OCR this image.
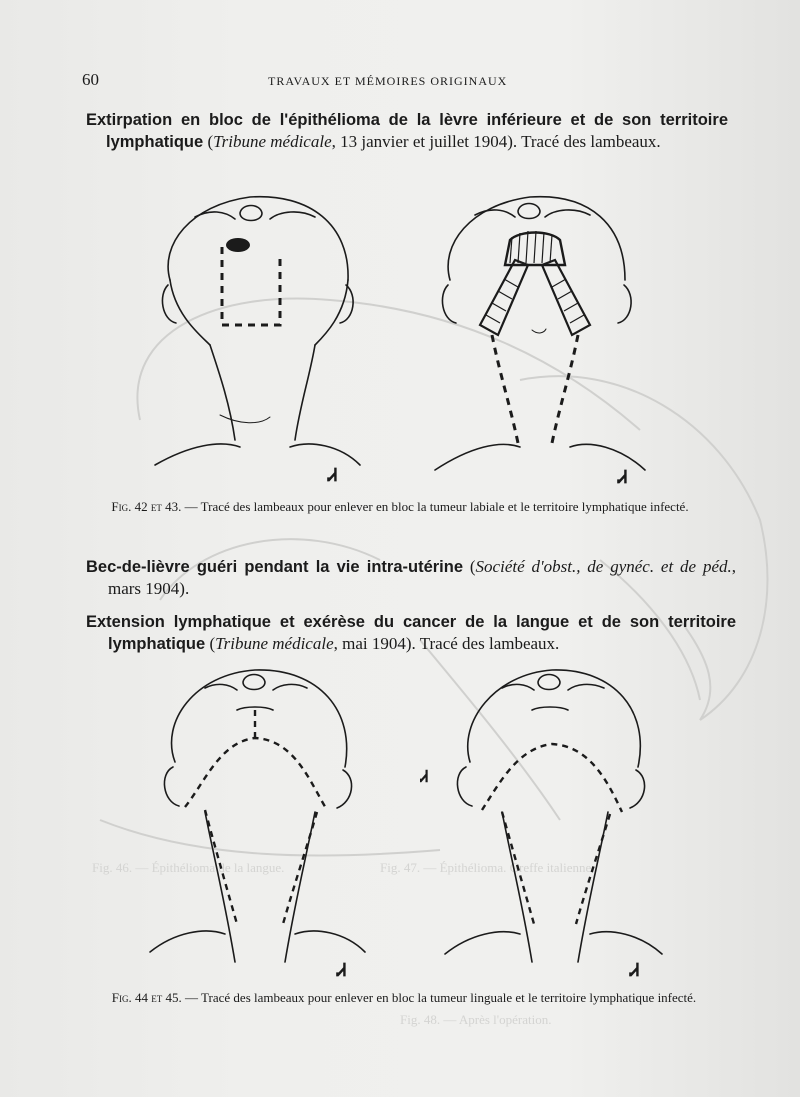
Fig. 46. — Épithélioma de la langue.	Fig. 47. — Épithélioma. Greffe italienne.
Fig. 48. — Après l'opération.
60	TRAVAUX ET MÉMOIRES ORIGINAUX
Extirpation en bloc de l'épithélioma de la lèvre inférieure et de son territoire lymphatique (Tribune médicale, 13 janvier et juillet 1904). Tracé des lambeaux.
Ꮧ	Ꮧ
Fig. 42 et 43. — Tracé des lambeaux pour enlever en bloc la tumeur labiale et le territoire lymphatique infecté.
Bec-de-lièvre guéri pendant la vie intra-utérine (Société d'obst., de gynéc. et de péd., mars 1904).
Extension lymphatique et exérèse du cancer de la langue et de son territoire lymphatique (Tribune médicale, mai 1904). Tracé des lambeaux.
Ꮧ
Ꮧ
Ꮧ
Fig. 44 et 45. — Tracé des lambeaux pour enlever en bloc la tumeur linguale et le territoire lymphatique infecté.
